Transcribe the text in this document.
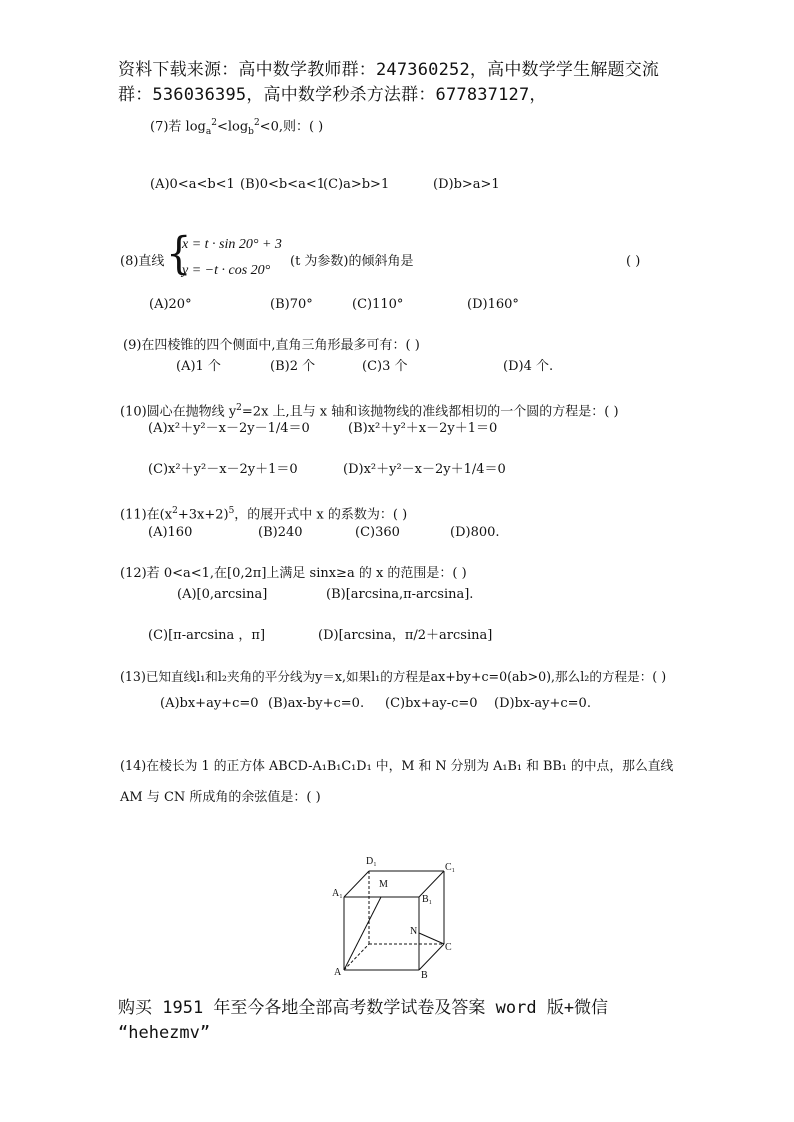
资料下载来源：高中数学教师群：247360252，高中数学学生解题交流
群：536036395，高中数学秒杀方法群：677837127，
(7)若 $\log_a^2<\log_b^2<0$,则：( )
(A)0<a<b<1 (B)0<b<a<1
(C)a>b>1	(D)b>a>1
(8)直线 {
x = t · sin 20° + 3
y = −t · cos 20°
(t 为参数)的倾斜角是	( )
(A)20°	(B)70°	(C)110°	(D)160°
(9)在四棱锥的四个侧面中,直角三角形最多可有：( )
(A)1 个	(B)2 个	(C)3 个	(D)4 个.
(10)圆心在抛物线 $y^2=2x$ 上,且与 x 轴和该抛物线的准线都相切的一个圆的方程是：( )
(A)x²＋y²－x－2y－1/4＝0	(B)x²＋y²＋x－2y＋1＝0
(C)x²＋y²－x－2y＋1＝0	(D)x²＋y²－x－2y＋1/4＝0
(11)在$(x^2+3x+2)^5$，的展开式中 x 的系数为：( )
(A)160	(B)240	(C)360	(D)800.
(12)若 0<a<1,在[0,2π]上满足 sinx≥a 的 x 的范围是：( )
(A)[0,arcsina]	(B)[arcsina,π-arcsina].
(C)[π-arcsina ，π]	(D)[arcsina，π/2＋arcsina]
(13)已知直线l₁和l₂夹角的平分线为y＝x,如果l₁的方程是ax+by+c=0(ab>0),那么l₂的方程是：( )
(A)bx+ay+c=0 (B)ax-by+c=0. (C)bx+ay-c=0 (D)bx-ay+c=0.
(14)在棱长为 1 的正方体 ABCD-A₁B₁C₁D₁ 中，M 和 N 分别为 A₁B₁ 和 BB₁ 的中点，那么直线
AM 与 CN 所成角的余弦值是：( )
D₁
C₁
A₁
B₁
M
N
A	B
C
购买 1951 年至今各地全部高考数学试卷及答案 word 版+微信
“hehezmv”
